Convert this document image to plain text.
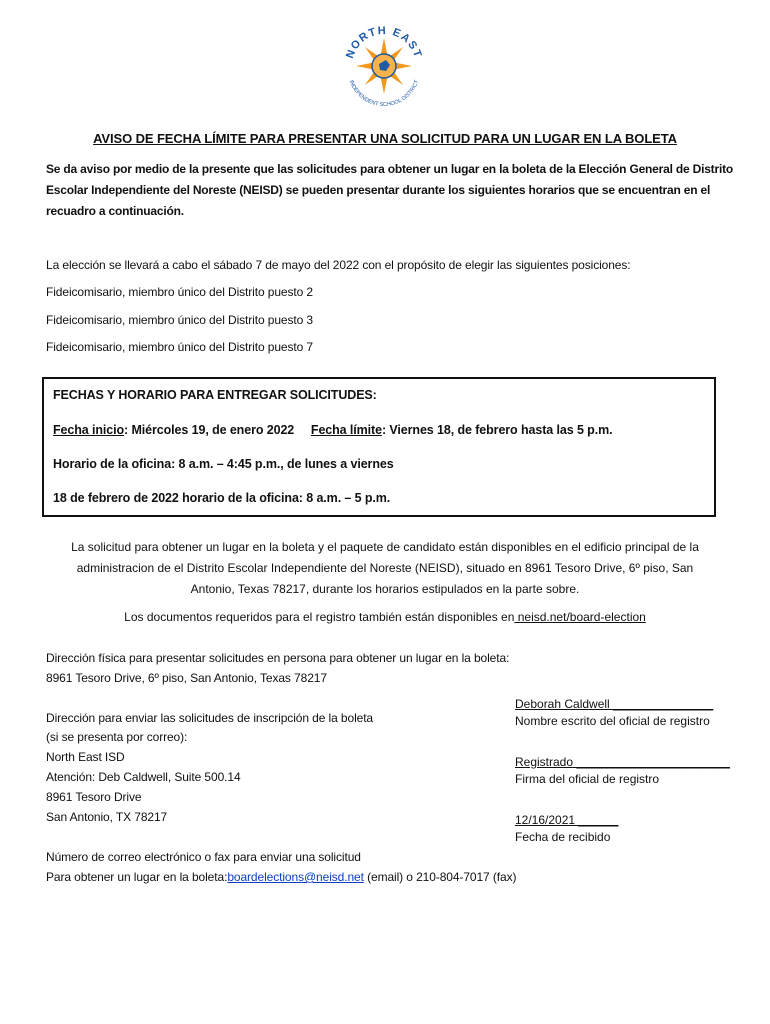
NORTH EAST
INDEPENDENT SCHOOL DISTRICT
AVISO DE FECHA LÍMITE PARA PRESENTAR UNA SOLICITUD PARA UN LUGAR EN LA BOLETA
Se da aviso por medio de la presente que las solicitudes para obtener un lugar en la boleta de la Elección General de Distrito Escolar Independiente del Noreste (NEISD) se pueden presentar durante los siguientes horarios que se encuentran en el recuadro a continuación.
La elección se llevará a cabo el sábado 7 de mayo del 2022 con el propósito de elegir las siguientes posiciones:
Fideicomisario, miembro único del Distrito puesto 2
Fideicomisario, miembro único del Distrito puesto 3
Fideicomisario, miembro único del Distrito puesto 7
FECHAS Y HORARIO PARA ENTREGAR SOLICITUDES:
Fecha inicio: Miércoles 19, de enero 2022 Fecha límite: Viernes 18, de febrero hasta las 5 p.m.
Horario de la oficina: 8 a.m. – 4:45 p.m., de lunes a viernes
18 de febrero de 2022 horario de la oficina: 8 a.m. – 5 p.m.
La solicitud para obtener un lugar en la boleta y el paquete de candidato están disponibles en el edificio principal de la
administracion de el Distrito Escolar Independiente del Noreste (NEISD), situado en 8961 Tesoro Drive, 6º piso, San
Antonio, Texas 78217, durante los horarios estipulados en la parte sobre.
Los documentos requeridos para el registro también están disponibles en neisd.net/board-election
Dirección física para presentar solicitudes en persona para obtener un lugar en la boleta:
8961 Tesoro Drive, 6º piso, San Antonio, Texas 78217
Dirección para enviar las solicitudes de inscripción de la boleta
(si se presenta por correo):
North East ISD
Atención: Deb Caldwell, Suite 500.14
8961 Tesoro Drive
San Antonio, TX 78217
Deborah Caldwell _______________
Nombre escrito del oficial de registro
Registrado _______________________
Firma del oficial de registro
12/16/2021 ______
Fecha de recibido
Número de correo electrónico o fax para enviar una solicitud
Para obtener un lugar en la boleta:boardelections@neisd.net (email) o 210-804-7017 (fax)
